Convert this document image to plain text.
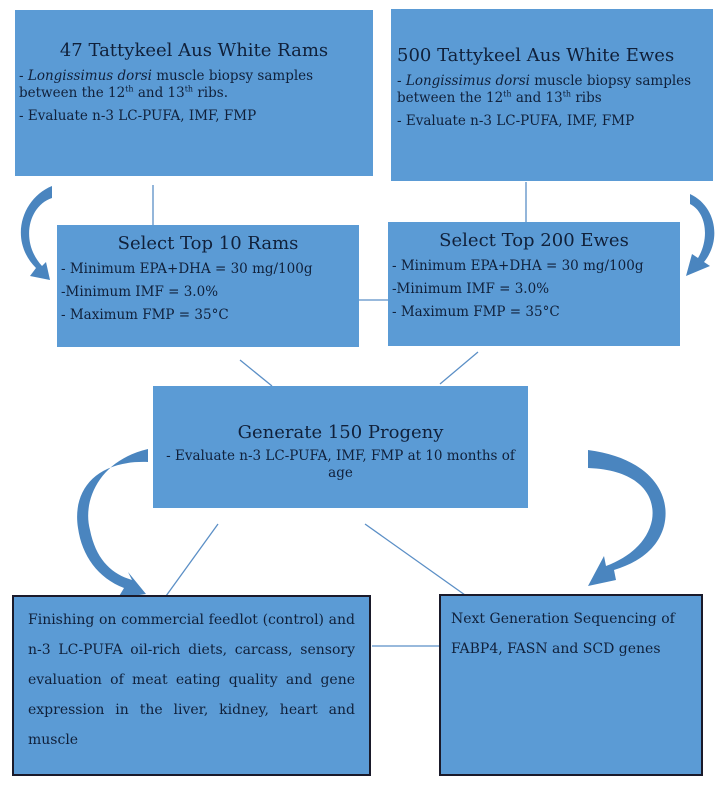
47 Tattykeel Aus White Rams
- Longissimus dorsi muscle biopsy samples
between the 12th and 13th ribs.
- Evaluate n-3 LC-PUFA, IMF, FMP
500 Tattykeel Aus White Ewes
- Longissimus dorsi muscle biopsy samples
between the 12th and 13th ribs
- Evaluate n-3 LC-PUFA, IMF, FMP
Select Top 10 Rams
- Minimum EPA+DHA = 30 mg/100g
-Minimum IMF = 3.0%
- Maximum FMP = 35°C
Select Top 200 Ewes
- Minimum EPA+DHA = 30 mg/100g
-Minimum IMF = 3.0%
- Maximum FMP = 35°C
Generate 150 Progeny
- Evaluate n-3 LC-PUFA, IMF, FMP at 10 months of age
Finishing on commercial feedlot (control) and n-3 LC-PUFA oil-rich diets, carcass, sensory evaluation of meat eating quality and gene expression in the liver, kidney, heart and muscle
Next Generation Sequencing of FABP4, FASN and SCD genes
